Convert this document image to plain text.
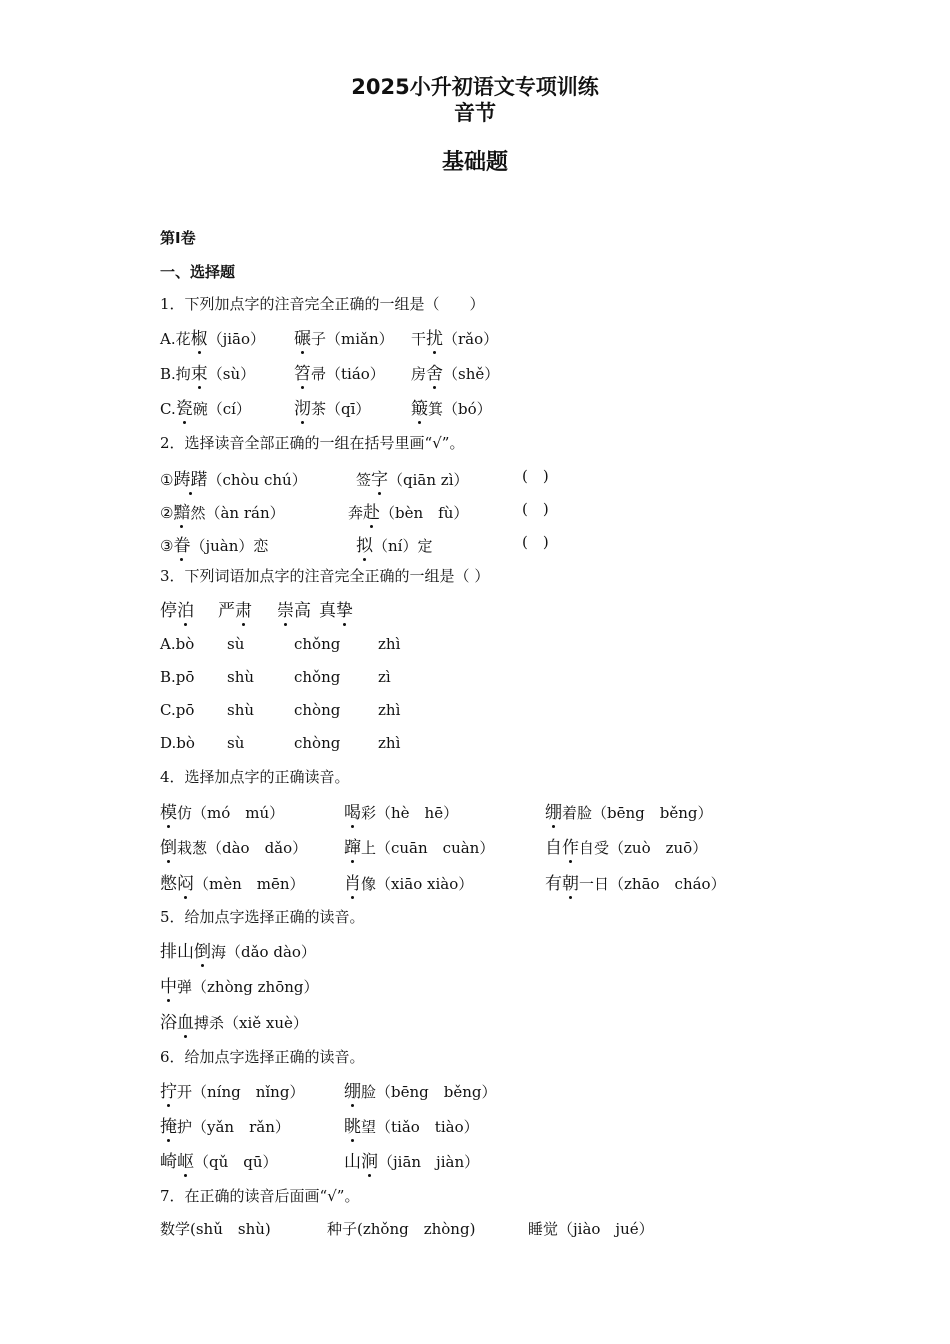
2025小升初语文专项训练
音节
基础题
第I卷
一、选择题
1．下列加点字的注音完全正确的一组是（　　）
A.花椒（jiāo） 碾子（miǎn） 干扰（rǎo）
B.拘束（sù） 笤帚（tiáo） 房舍（shě）
C.瓷碗（cí）	沏茶（qī） 簸箕（bó）
2．选择读音全部正确的一组在括号里画“√”。
①踌躇（chòu chú）	签字（qiān zì）	(　)
②黯然（àn rán）	奔赴（bèn　fù）	(　)
③眷（juàn）恋	拟（ní）定	(　)
3．下列词语加点字的注音完全正确的一组是（ ）
停泊 严肃 崇高 真挚
A.bò sù	chǒng	zhì
B.pō shù	chǒng	zì
C.pō shù	chòng	zhì
D.bò sù	chòng	zhì
4．选择加点字的正确读音。
模仿（mó　mú）	喝彩（hè　hē）	绷着脸（bēng　běng）
倒栽葱（dào　dǎo） 蹿上（cuān　cuàn）	自作自受（zuò　zuō）
憋闷（mèn　mēn） 肖像（xiāo xiào）	有朝一日（zhāo　cháo）
5．给加点字选择正确的读音。
排山倒海（dǎo dào）
中弹（zhòng zhōng）
浴血搏杀（xiě xuè）
6．给加点字选择正确的读音。
拧开（níng　nǐng） 绷脸（bēng　běng）
掩护（yǎn　rǎn）	眺望（tiǎo　tiào）
崎岖（qǔ　qū）	山涧（jiān　jiàn）
7．在正确的读音后面画“√”。
数学(shǔ　shù)	种子(zhǒng　zhòng)	睡觉（jiào　jué）
